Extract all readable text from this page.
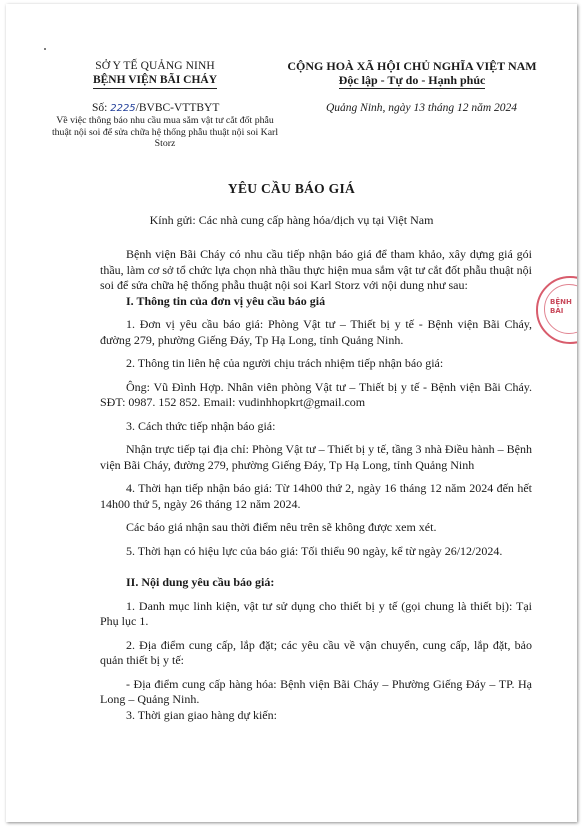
SỞ Y TẾ QUẢNG NINH
BỆNH VIỆN BÃI CHÁY
CỘNG HOÀ XÃ HỘI CHỦ NGHĨA VIỆT NAM
Độc lập - Tự do - Hạnh phúc
Số: 2225/BVBC-VTTBYT
Về việc thông báo nhu cầu mua sắm vật tư cắt đốt phẫu thuật nội soi để sửa chữa hệ thống phẫu thuật nội soi Karl Storz
Quảng Ninh, ngày 13 tháng 12 năm 2024
YÊU CẦU BÁO GIÁ
Kính gửi: Các nhà cung cấp hàng hóa/dịch vụ tại Việt Nam

Bệnh viện Bãi Cháy có nhu cầu tiếp nhận báo giá để tham khảo, xây dựng giá gói thầu, làm cơ sở tổ chức lựa chọn nhà thầu thực hiện mua sắm vật tư cắt đốt phẫu thuật nội soi để sửa chữa hệ thống phẫu thuật nội soi Karl Storz với nội dung như sau:

I. Thông tin của đơn vị yêu cầu báo giá

1. Đơn vị yêu cầu báo giá: Phòng Vật tư – Thiết bị y tế - Bệnh viện Bãi Cháy, đường 279, phường Giếng Đáy, Tp Hạ Long, tỉnh Quảng Ninh.

2. Thông tin liên hệ của người chịu trách nhiệm tiếp nhận báo giá:

Ông: Vũ Đình Hợp. Nhân viên phòng Vật tư – Thiết bị y tế - Bệnh viện Bãi Cháy. SĐT: 0987. 152 852. Email: vudinhhopkrt@gmail.com

3. Cách thức tiếp nhận báo giá:

Nhận trực tiếp tại địa chỉ: Phòng Vật tư – Thiết bị y tế, tầng 3 nhà Điều hành – Bệnh viện Bãi Cháy, đường 279, phường Giếng Đáy, Tp Hạ Long, tỉnh Quảng Ninh

4. Thời hạn tiếp nhận báo giá: Từ 14h00 thứ 2, ngày 16 tháng 12 năm 2024 đến hết 14h00 thứ 5, ngày 26 tháng 12 năm 2024.

Các báo giá nhận sau thời điểm nêu trên sẽ không được xem xét.

5. Thời hạn có hiệu lực của báo giá: Tối thiểu 90 ngày, kể từ ngày 26/12/2024.

II. Nội dung yêu cầu báo giá:

1. Danh mục linh kiện, vật tư sử dụng cho thiết bị y tế (gọi chung là thiết bị): Tại Phụ lục 1.

2. Địa điểm cung cấp, lắp đặt; các yêu cầu về vận chuyển, cung cấp, lắp đặt, bảo quản thiết bị y tế:

- Địa điểm cung cấp hàng hóa: Bệnh viện Bãi Cháy – Phường Giếng Đáy – TP. Hạ Long – Quảng Ninh.

3. Thời gian giao hàng dự kiến:

BỆNH
BÃI
